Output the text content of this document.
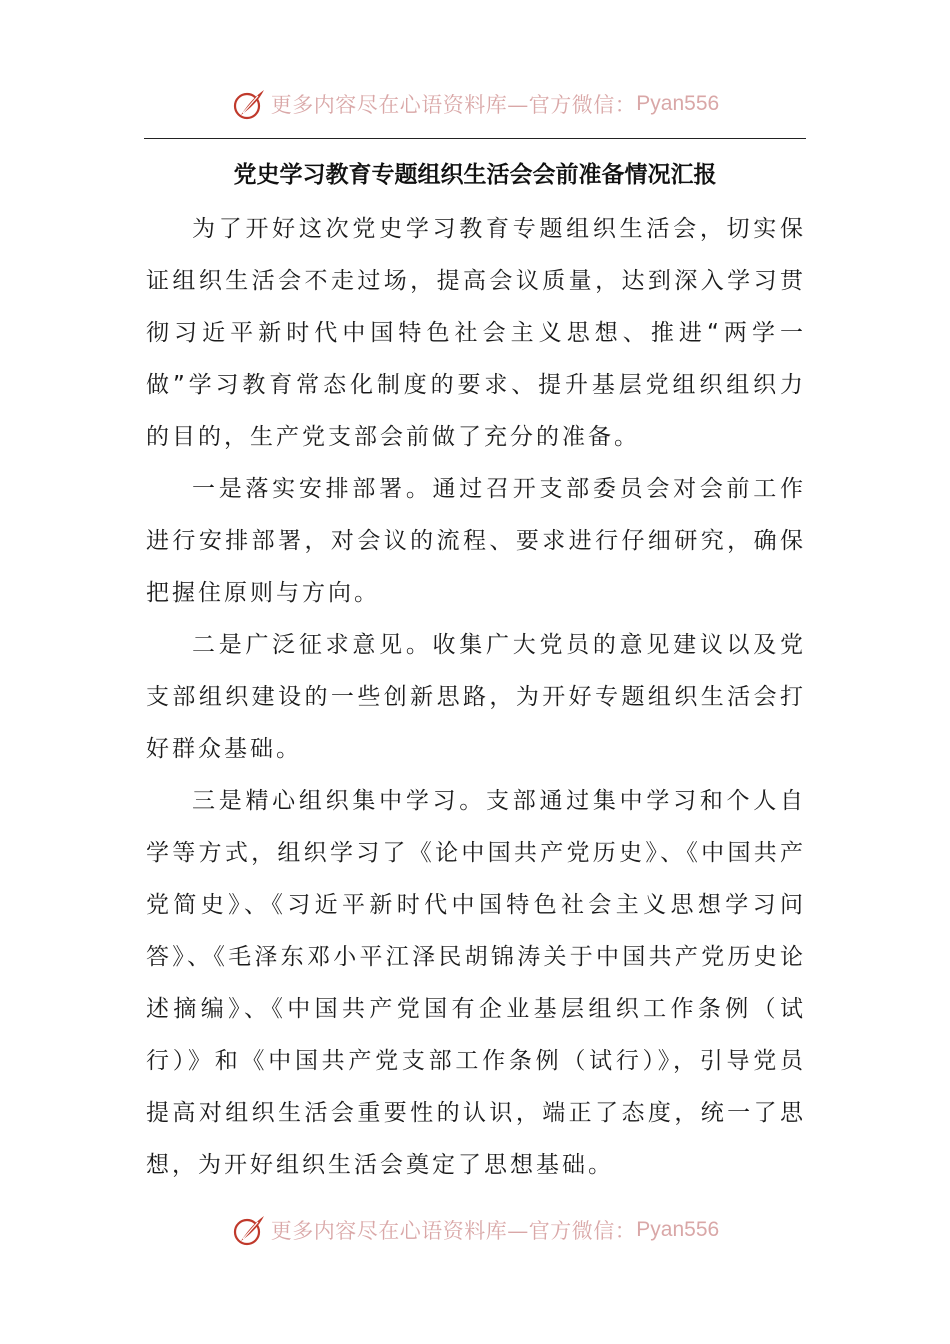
更多内容尽在心语资料库—官方微信： Pyan556
党史学习教育专题组织生活会会前准备情况汇报

为了开好这次党史学习教育专题组织生活会，切实保证组织生活会不走过场，提高会议质量，达到深入学习贯彻习近平新时代中国特色社会主义思想、推进“两学一做”学习教育常态化制度的要求、提升基层党组织组织力的目的，生产党支部会前做了充分的准备。

一是落实安排部署。通过召开支部委员会对会前工作进行安排部署，对会议的流程、要求进行仔细研究，确保把握住原则与方向。

二是广泛征求意见。收集广大党员的意见建议以及党支部组织建设的一些创新思路，为开好专题组织生活会打好群众基础。

三是精心组织集中学习。支部通过集中学习和个人自学等方式，组织学习了《论中国共产党历史》、《中国共产党简史》、《习近平新时代中国特色社会主义思想学习问答》、《毛泽东邓小平江泽民胡锦涛关于中国共产党历史论述摘编》、《中国共产党国有企业基层组织工作条例（试行）》和《中国共产党支部工作条例（试行）》，引导党员提高对组织生活会重要性的认识，端正了态度，统一了思想，为开好组织生活会奠定了思想基础。

更多内容尽在心语资料库—官方微信： Pyan556
